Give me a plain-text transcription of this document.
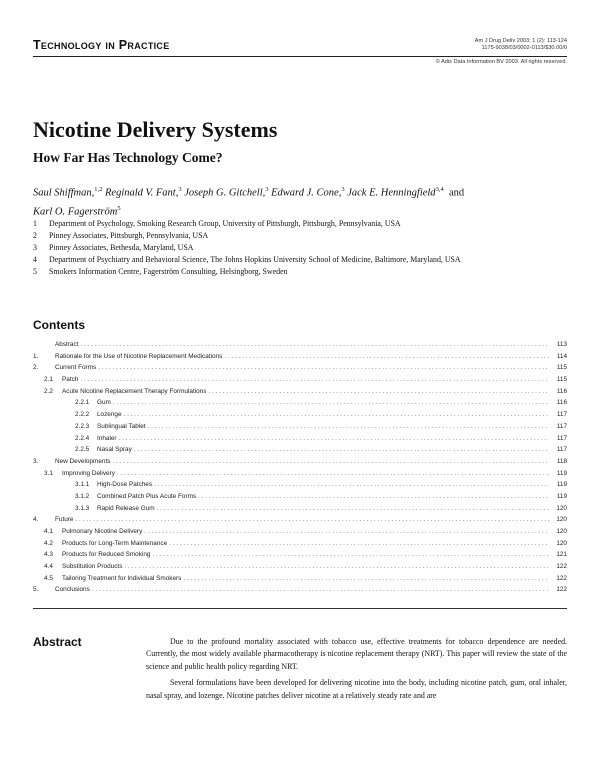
Technology in Practice	Am J Drug Deliv 2003; 1 (2): 113-124
1175-9038/03/0002-0113/$30.00/0
© Adis Data Information BV 2003. All rights reserved.
Nicotine Delivery Systems
How Far Has Technology Come?
Saul Shiffman,$^{1,2}$ Reginald V. Fant,$^3$ Joseph G. Gitchell,$^3$ Edward J. Cone,$^3$ Jack E. Henningfield$^{3,4}$ and
Karl O. Fagerström$^5$
1	Department of Psychology, Smoking Research Group, University of Pittsburgh, Pittsburgh, Pennsylvania, USA
2	Pinney Associates, Pittsburgh, Pennsylvania, USA
3	Pinney Associates, Bethesda, Maryland, USA
4	Department of Psychiatry and Behavioral Science, The Johns Hopkins University School of Medicine, Baltimore, Maryland, USA
5	Smokers Information Centre, Fagerström Consulting, Helsingborg, Sweden
Contents
Abstract . . .	113
1.	Rationale for the Use of Nicotine Replacement Medications . . .	114
2.	Current Forms . . .	115
2.1	Patch . . .	115
2.2	Acute Nicotine Replacement Therapy Formulations . . .	116
2.2.1	Gum . . .	116
2.2.2	Lozenge . . .	117
2.2.3	Sublingual Tablet . . .	117
2.2.4	Inhaler . . .	117
2.2.5	Nasal Spray . . .	117
3.	New Developments . . .	118
3.1	Improving Delivery . . .	119
3.1.1	High-Dose Patches . . .	119
3.1.2	Combined Patch Plus Acute Forms . . .	119
3.1.3	Rapid Release Gum . . .	120
4.	Future . . .	120
4.1	Pulmonary Nicotine Delivery . . .	120
4.2	Products for Long-Term Maintenance . . .	120
4.3	Products for Reduced Smoking . . .	121
4.4	Substitution Products . . .	122
4.5	Tailoring Treatment for Individual Smokers . . .	122
5.	Conclusions . . .	122
Abstract	Due to the profound mortality associated with tobacco use, effective treatments for tobacco dependence are needed. Currently, the most widely available pharmacotherapy is nicotine replacement therapy (NRT). This paper will review the state of the science and public health policy regarding NRT.

Several formulations have been developed for delivering nicotine into the body, including nicotine patch, gum, oral inhaler, nasal spray, and lozenge. Nicotine patches deliver nicotine at a relatively steady rate and are
